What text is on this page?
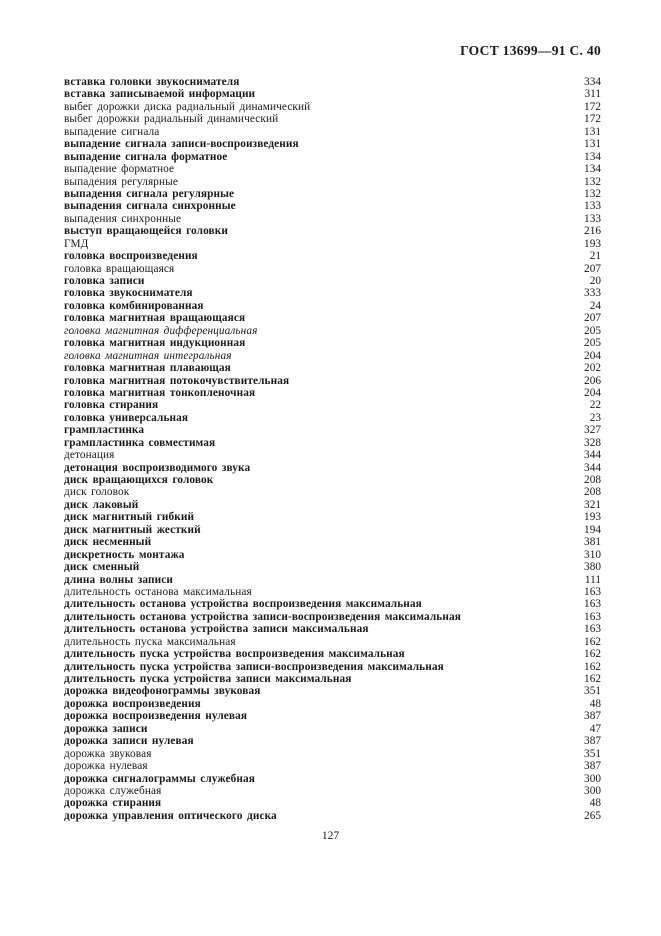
ГОСТ 13699—91 С. 40
вставка головки звукоснимателя	334
вставка записываемой информации	311
выбег дорожки диска радиальный динамический	172
выбег дорожки радиальный динамический	172
выпадение сигнала	131
выпадение сигнала записи-воспроизведения	131
выпадение сигнала форматное	134
выпадение форматное	134
выпадения регулярные	132
выпадения сигнала регулярные	132
выпадения сигнала синхронные	133
выпадения синхронные	133
выступ вращающейся головки	216
ГМД	193
головка воспроизведения	21
головка вращающаяся	207
головка записи	20
головка звукоснимателя	333
головка комбинированная	24
головка магнитная вращающаяся	207
головка магнитная дифференциальная	205
головка магнитная индукционная	205
головка магнитная интегральная	204
головка магнитная плавающая	202
головка магнитная потокочувствительная	206
головка магнитная тонкопленочная	204
головка стирания	22
головка универсальная	23
грампластинка	327
грампластинка совместимая	328
детонация	344
детонация воспроизводимого звука	344
диск вращающихся головок	208
диск головок	208
диск лаковый	321
диск магнитный гибкий	193
диск магнитный жесткий	194
диск несменный	381
дискретность монтажа	310
диск сменный	380
длина волны записи	111
длительность останова максимальная	163
длительность останова устройства воспроизведения максимальная	163
длительность останова устройства записи-воспроизведения максимальная	163
длительность останова устройства записи максимальная	163
длительность пуска максимальная	162
длительность пуска устройства воспроизведения максимальная	162
длительность пуска устройства записи-воспроизведения максимальная	162
длительность пуска устройства записи максимальная	162
дорожка видеофонограммы звуковая	351
дорожка воспроизведения	48
дорожка воспроизведения нулевая	387
дорожка записи	47
дорожка записи нулевая	387
дорожка звуковая	351
дорожка нулевая	387
дорожка сигналограммы служебная	300
дорожка служебная	300
дорожка стирания	48
дорожка управления оптического диска	265
127
